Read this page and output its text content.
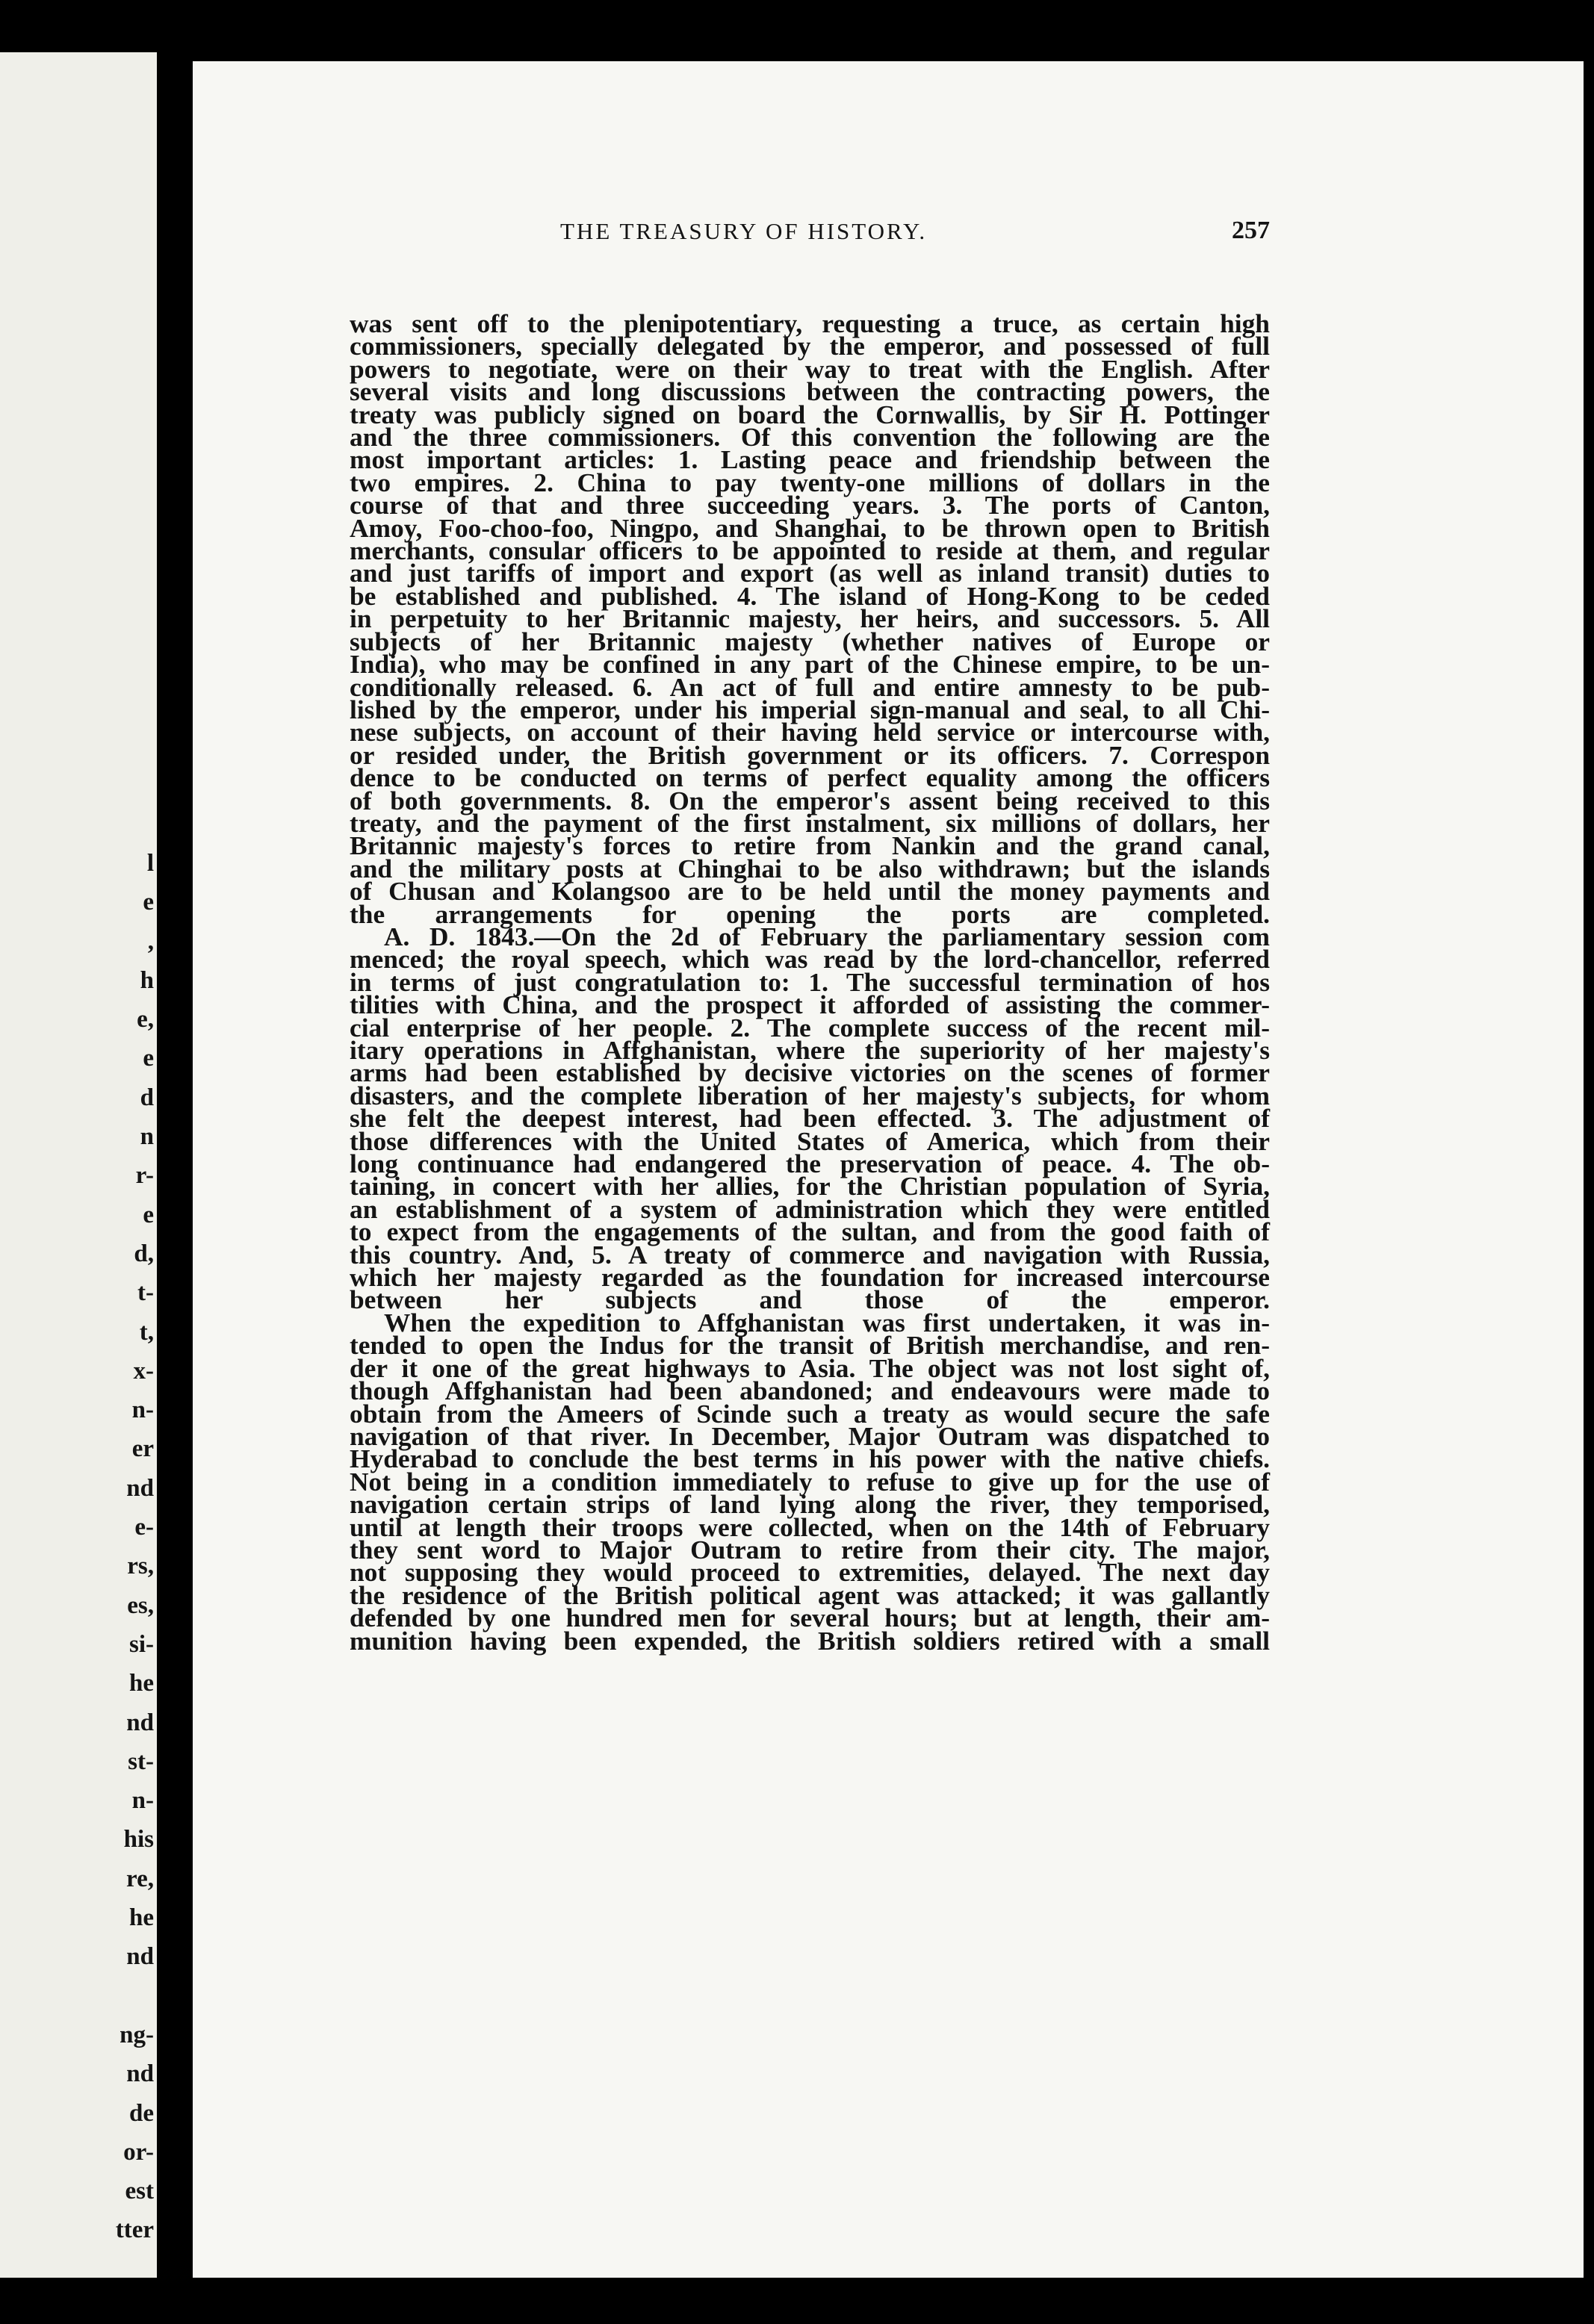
l
e
,
h
e,
e
d
n
r-
e
d,
t-
t,
x-
n-
er
nd
e-
rs,
es,
si-
he
nd
st-
n-
his
re,
he
nd
ng-
nd
de
or-
est
tter
THE TREASURY OF HISTORY.	257

was sent off to the plenipotentiary, requesting a truce, as certain high
commissioners, specially delegated by the emperor, and possessed of full
powers to negotiate, were on their way to treat with the English. After
several visits and long discussions between the contracting powers, the
treaty was publicly signed on board the Cornwallis, by Sir H. Pottinger
and the three commissioners. Of this convention the following are the
most important articles: 1. Lasting peace and friendship between the
two empires. 2. China to pay twenty-one millions of dollars in the
course of that and three succeeding years. 3. The ports of Canton,
Amoy, Foo-choo-foo, Ningpo, and Shanghai, to be thrown open to British
merchants, consular officers to be appointed to reside at them, and regular
and just tariffs of import and export (as well as inland transit) duties to
be established and published. 4. The island of Hong-Kong to be ceded
in perpetuity to her Britannic majesty, her heirs, and successors. 5. All
subjects of her Britannic majesty (whether natives of Europe or
India), who may be confined in any part of the Chinese empire, to be un-
conditionally released. 6. An act of full and entire amnesty to be pub-
lished by the emperor, under his imperial sign-manual and seal, to all Chi-
nese subjects, on account of their having held service or intercourse with,
or resided under, the British government or its officers. 7. Correspon
dence to be conducted on terms of perfect equality among the officers
of both governments. 8. On the emperor's assent being received to this
treaty, and the payment of the first instalment, six millions of dollars, her
Britannic majesty's forces to retire from Nankin and the grand canal,
and the military posts at Chinghai to be also withdrawn; but the islands
of Chusan and Kolangsoo are to be held until the money payments and
the arrangements for opening the ports are completed.

A. D. 1843.—On the 2d of February the parliamentary session com
menced; the royal speech, which was read by the lord-chancellor, referred
in terms of just congratulation to: 1. The successful termination of hos
tilities with China, and the prospect it afforded of assisting the commer-
cial enterprise of her people. 2. The complete success of the recent mil-
itary operations in Affghanistan, where the superiority of her majesty's
arms had been established by decisive victories on the scenes of former
disasters, and the complete liberation of her majesty's subjects, for whom
she felt the deepest interest, had been effected. 3. The adjustment of
those differences with the United States of America, which from their
long continuance had endangered the preservation of peace. 4. The ob-
taining, in concert with her allies, for the Christian population of Syria,
an establishment of a system of administration which they were entitled
to expect from the engagements of the sultan, and from the good faith of
this country. And, 5. A treaty of commerce and navigation with Russia,
which her majesty regarded as the foundation for increased intercourse
between her subjects and those of the emperor.

When the expedition to Affghanistan was first undertaken, it was in-
tended to open the Indus for the transit of British merchandise, and ren-
der it one of the great highways to Asia. The object was not lost sight of,
though Affghanistan had been abandoned; and endeavours were made to
obtain from the Ameers of Scinde such a treaty as would secure the safe
navigation of that river. In December, Major Outram was dispatched to
Hyderabad to conclude the best terms in his power with the native chiefs.
Not being in a condition immediately to refuse to give up for the use of
navigation certain strips of land lying along the river, they temporised,
until at length their troops were collected, when on the 14th of February
they sent word to Major Outram to retire from their city. The major,
not supposing they would proceed to extremities, delayed. The next day
the residence of the British political agent was attacked; it was gallantly
defended by one hundred men for several hours; but at length, their am-
munition having been expended, the British soldiers retired with a small
